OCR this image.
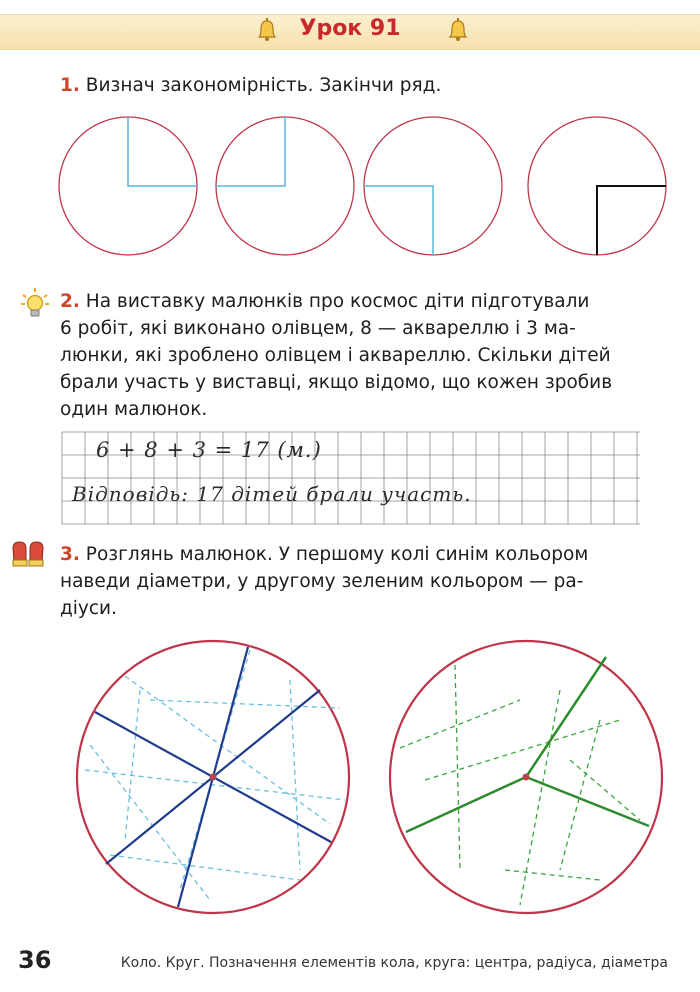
Урок 91
1. Визнач закономірність. Закінчи ряд.
2. На виставку малюнків про космос діти підготували
6 робіт, які виконано олівцем, 8 — аквареллю і 3 ма-
люнки, які зроблено олівцем і аквареллю. Скільки дітей
брали участь у виставці, якщо відомо, що кожен зробив
один малюнок.
6 + 8 + 3 = 17 (м.)
Відповідь: 17 дітей брали участь.
3. Розглянь малюнок. У першому колі синім кольором
наведи діаметри, у другому зеленим кольором — ра-
діуси.
36	Коло. Круг. Позначення елементів кола, круга: центра, радіуса, діаметра
